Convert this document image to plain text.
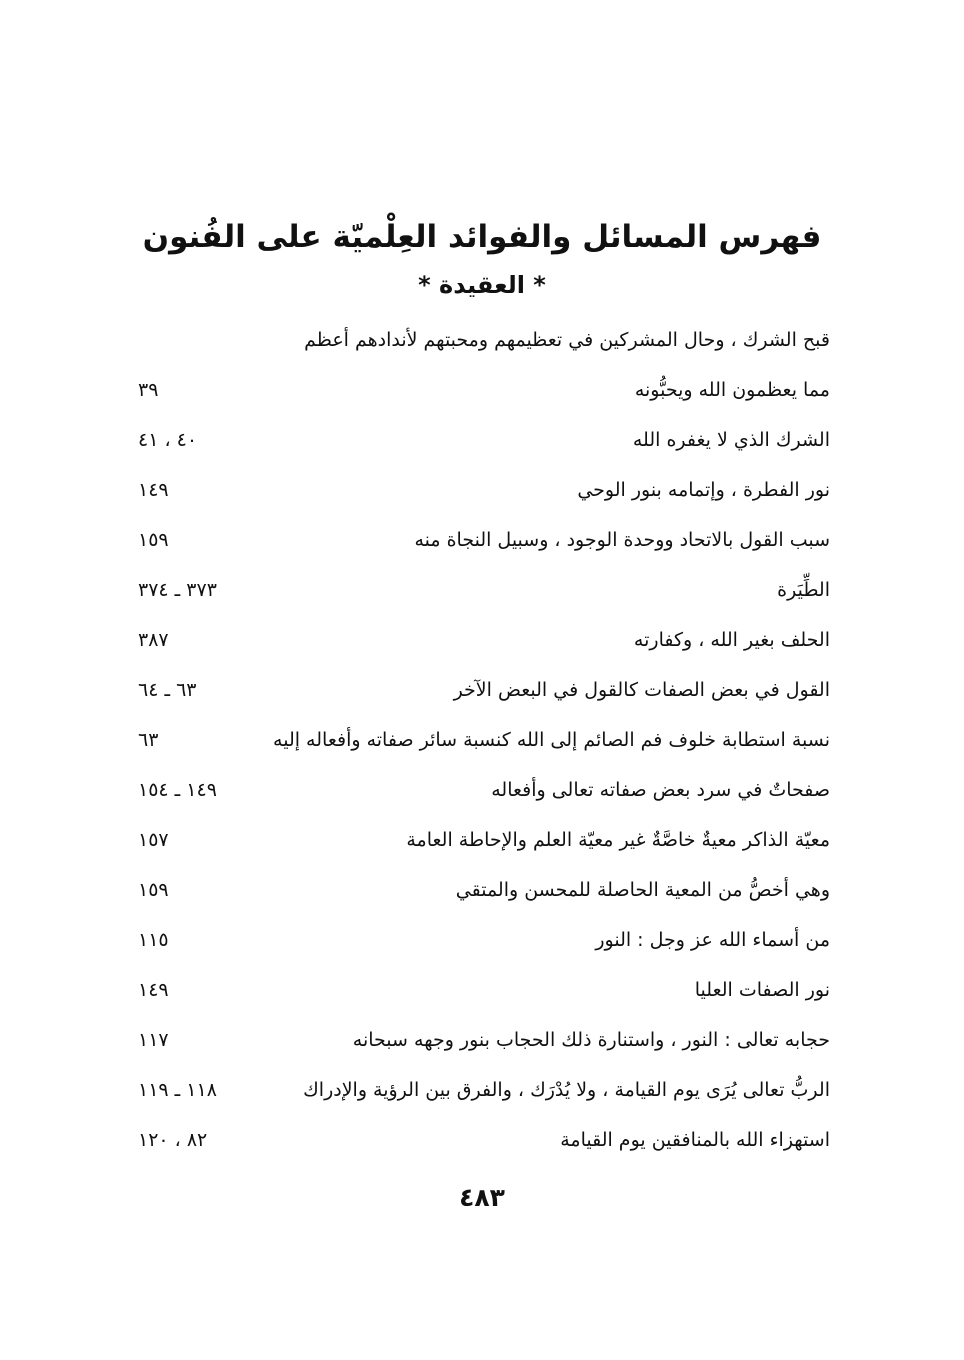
فهرس المسائل والفوائد العِلْميّة على الفُنون
* العقيدة *
قبح الشرك ، وحال المشركين في تعظيمهم ومحبتهم لأندادهم أعظم
مما يعظمون الله ويحبُّونه
٣٩
الشرك الذي لا يغفره الله
٤٠ ، ٤١
نور الفطرة ، وإتمامه بنور الوحي
١٤٩
سبب القول بالاتحاد ووحدة الوجود ، وسبيل النجاة منه
١٥٩
الطِّيَرة
٣٧٣ ـ ٣٧٤
الحلف بغير الله ، وكفارته
٣٨٧
القول في بعض الصفات كالقول في البعض الآخر
٦٣ ـ ٦٤
نسبة استطابة خلوف فم الصائم إلى الله كنسبة سائر صفاته وأفعاله إليه
٦٣
صفحاتٌ في سرد بعض صفاته تعالى وأفعاله
١٤٩ ـ ١٥٤
معيّة الذاكر معيةٌ خاصَّةٌ غير معيّة العلم والإحاطة العامة
١٥٧
وهي أخصُّ من المعية الحاصلة للمحسن والمتقي
١٥٩
من أسماء الله عز وجل : النور
١١٥
نور الصفات العليا
١٤٩
حجابه تعالى : النور ، واستنارة ذلك الحجاب بنور وجهه سبحانه
١١٧
الربُّ تعالى يُرَى يوم القيامة ، ولا يُدْرَك ، والفرق بين الرؤية والإدراك
١١٨ ـ ١١٩
استهزاء الله بالمنافقين يوم القيامة
٨٢ ، ١٢٠
٤٨٣
